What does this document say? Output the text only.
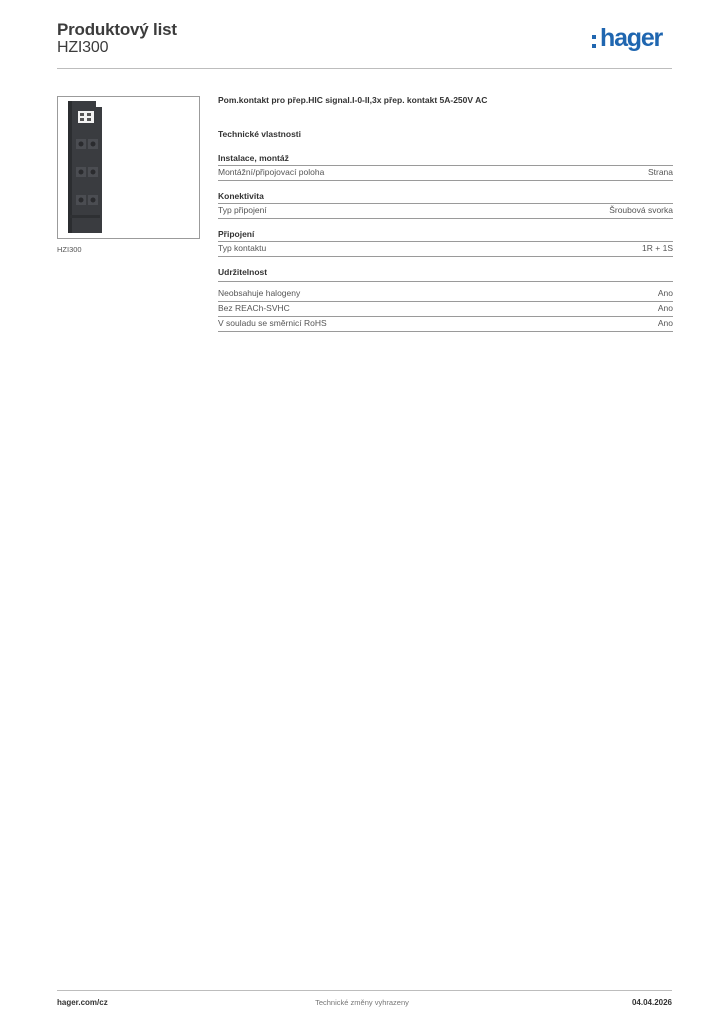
Produktový list
HZI300	hager
HZI300

Pom.kontakt pro přep.HIC signal.I-0-II,3x přep. kontakt 5A-250V AC

Technické vlastnosti
Instalace, montáž
Montážní/připojovací poloha	Strana
Konektivita
Typ připojení	Šroubová svorka
Připojení
Typ kontaktu	1R + 1S
Udržitelnost
Neobsahuje halogeny	Ano
Bez REACh-SVHC	Ano
V souladu se směrnicí RoHS	Ano
hager.com/cz	Technické změny vyhrazeny	04.04.2026
